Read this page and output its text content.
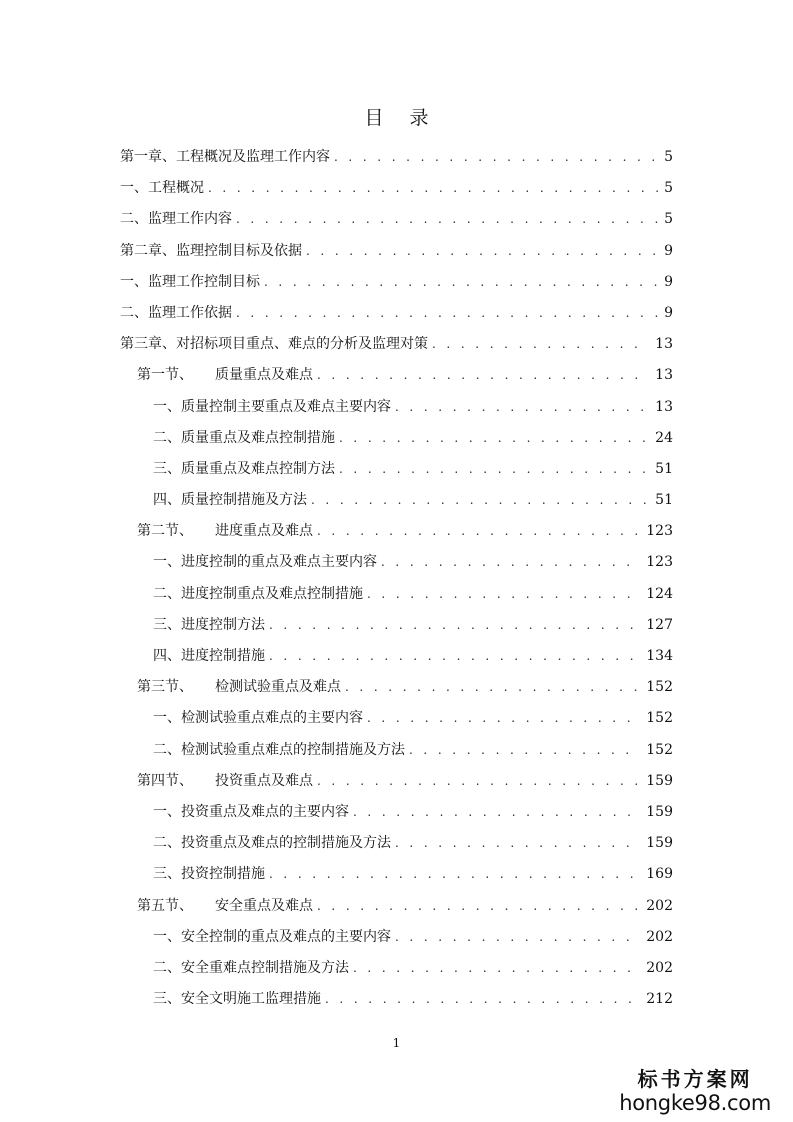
目 录
第一章、工程概况及监理工作内容 . . .	5
一、工程概况 . . .	5
二、监理工作内容 . . .	5
第二章、监理控制目标及依据 . . .	9
一、监理工作控制目标 . . .	9
二、监理工作依据 . . .	9
第三章、对招标项目重点、难点的分析及监理对策 . . .	13
第一节、 质量重点及难点 . . .	13
一、质量控制主要重点及难点主要内容 . . .	13
二、质量重点及难点控制措施 . . .	24
三、质量重点及难点控制方法 . . .	51
四、质量控制措施及方法 . . .	51
第二节、 进度重点及难点 . . .	123
一、进度控制的重点及难点主要内容 . . .	123
二、进度控制重点及难点控制措施 . . .	124
三、进度控制方法 . . .	127
四、进度控制措施 . . .	134
第三节、 检测试验重点及难点 . . .	152
一、检测试验重点难点的主要内容 . . .	152
二、检测试验重点难点的控制措施及方法 . . .	152
第四节、 投资重点及难点 . . .	159
一、投资重点及难点的主要内容 . . .	159
二、投资重点及难点的控制措施及方法 . . .	159
三、投资控制措施 . . .	169
第五节、 安全重点及难点 . . .	202
一、安全控制的重点及难点的主要内容 . . .	202
二、安全重难点控制措施及方法 . . .	202
三、安全文明施工监理措施 . . .	212
1
标书方案网
hongke98.com
